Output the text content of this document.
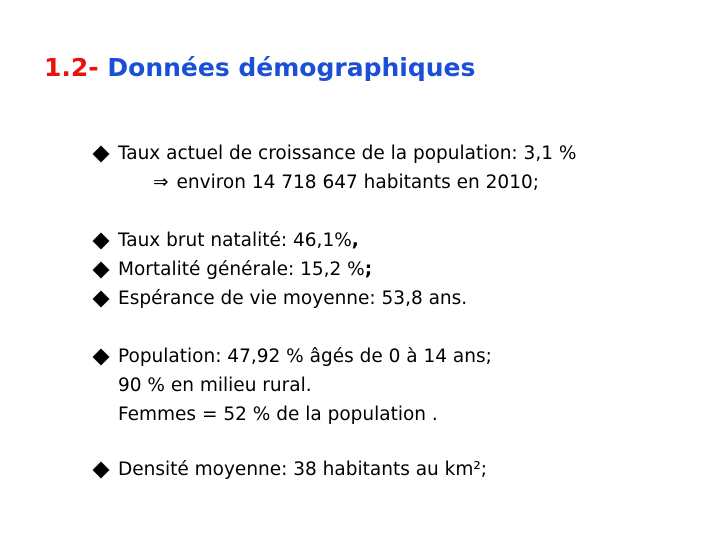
1.2- Données démographiques
Taux actuel de croissance de la population: 3,1 %
⇒ environ 14 718 647 habitants en 2010;
Taux brut natalité: 46,1%,
Mortalité générale: 15,2 %;
Espérance de vie moyenne: 53,8 ans.
Population: 47,92 % âgés de 0 à 14 ans;
90 % en milieu rural.
Femmes = 52 % de la population .
Densité moyenne: 38 habitants au km²;
